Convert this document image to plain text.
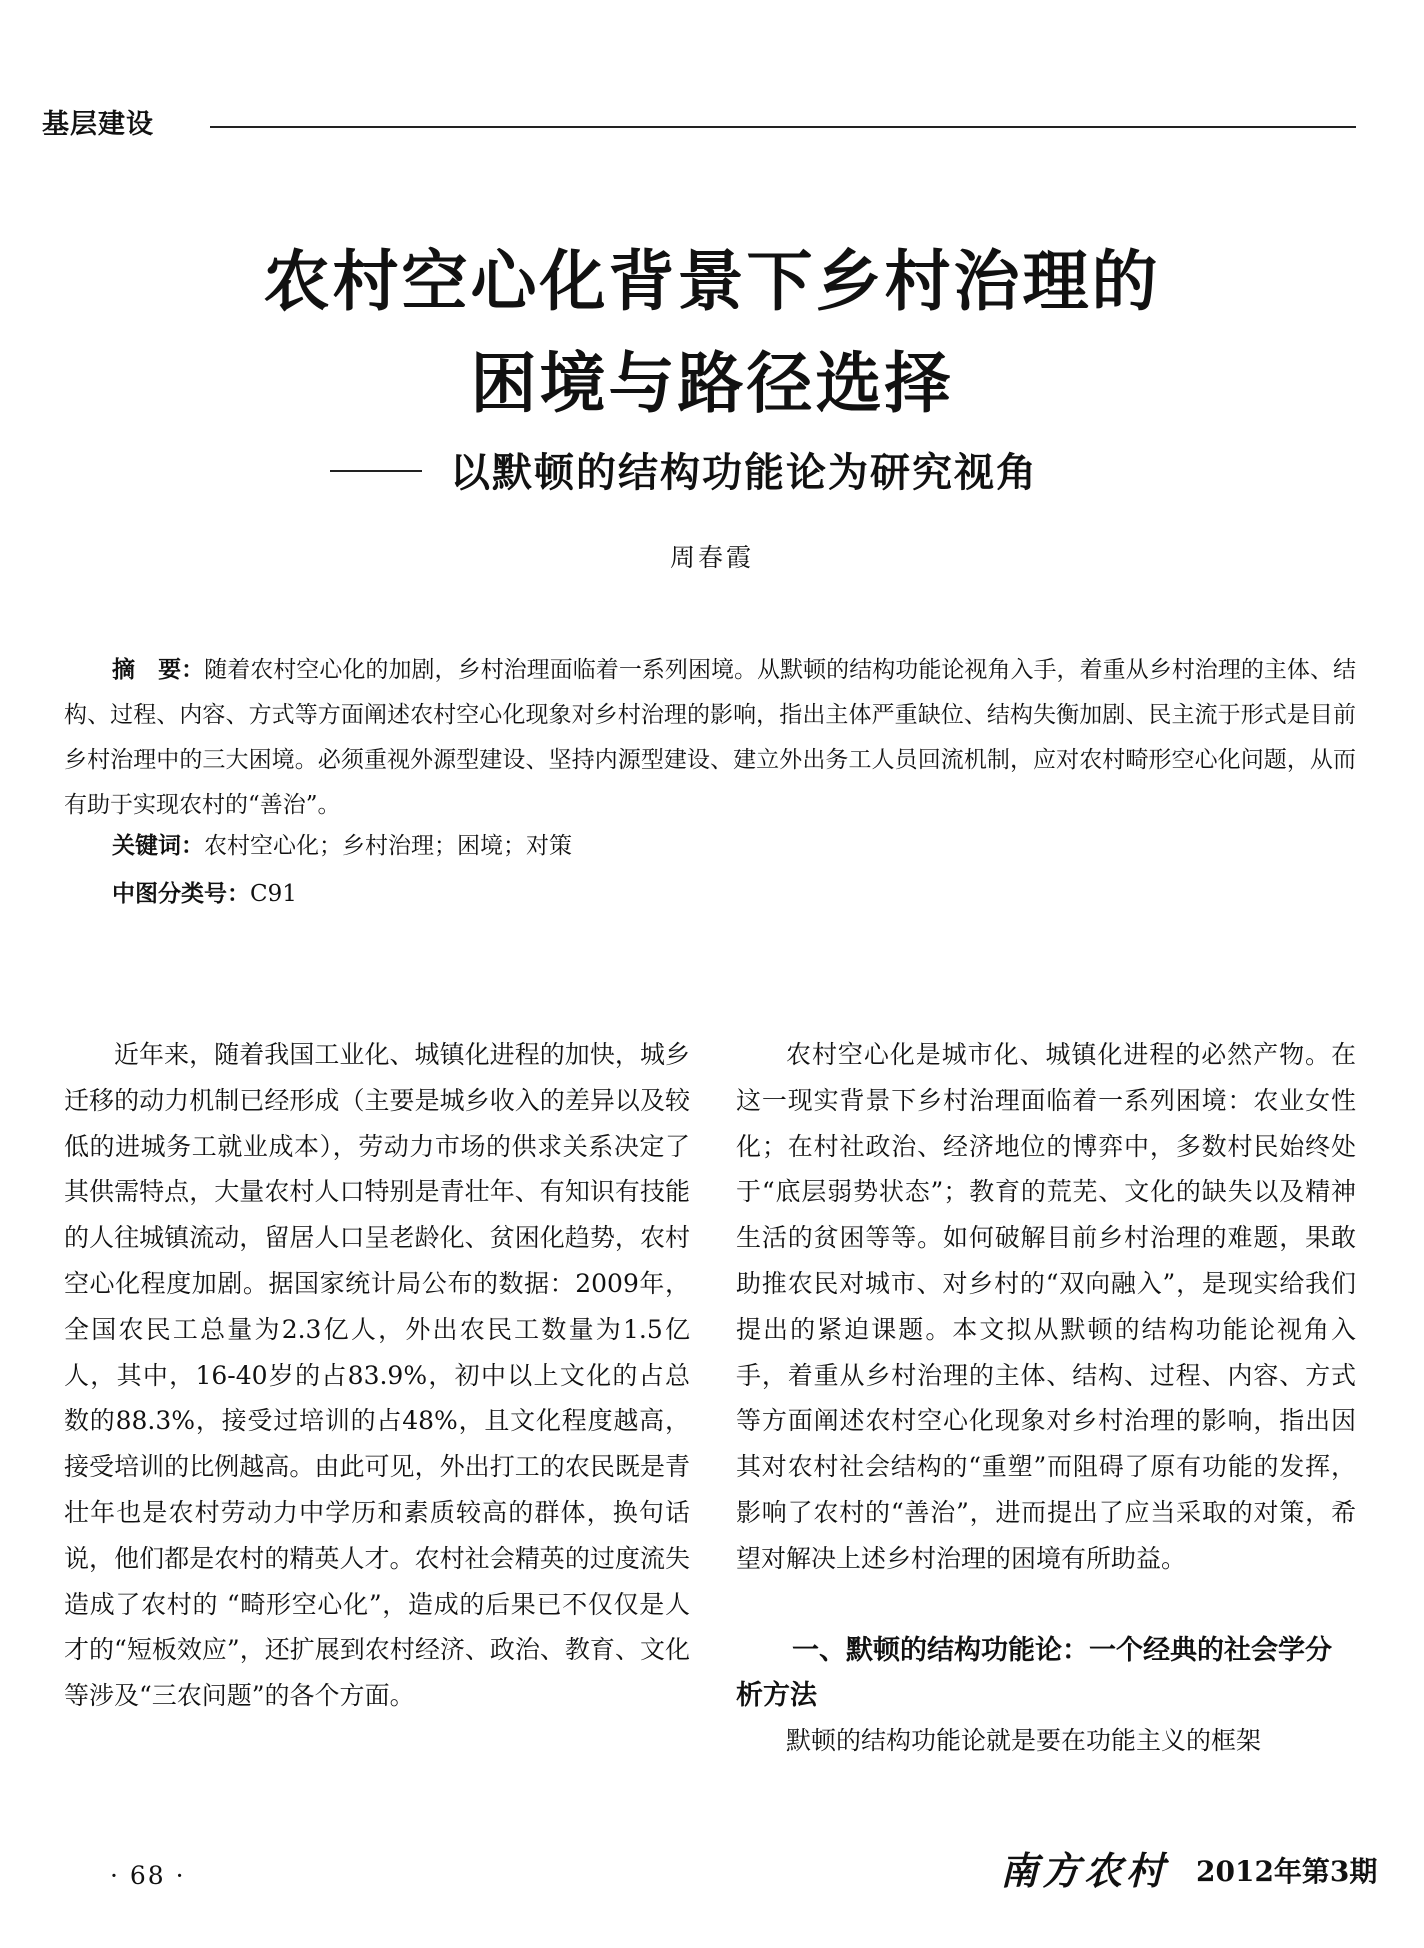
基层建设
农村空心化背景下乡村治理的
困境与路径选择
以默顿的结构功能论为研究视角
周春霞

摘　要：随着农村空心化的加剧，乡村治理面临着一系列困境。从默顿的结构功能论视角入手，着重从乡村治理的主体、结构、过程、内容、方式等方面阐述农村空心化现象对乡村治理的影响，指出主体严重缺位、结构失衡加剧、民主流于形式是目前乡村治理中的三大困境。必须重视外源型建设、坚持内源型建设、建立外出务工人员回流机制，应对农村畸形空心化问题，从而有助于实现农村的“善治”。

关键词：农村空心化；乡村治理；困境；对策
中图分类号：C91

近年来，随着我国工业化、城镇化进程的加快，城乡迁移的动力机制已经形成（主要是城乡收入的差异以及较低的进城务工就业成本），劳动力市场的供求关系决定了其供需特点，大量农村人口特别是青壮年、有知识有技能的人往城镇流动，留居人口呈老龄化、贫困化趋势，农村空心化程度加剧。据国家统计局公布的数据：2009年，全国农民工总量为2.3亿人，外出农民工数量为1.5亿人，其中，16-40岁的占83.9%，初中以上文化的占总数的88.3%，接受过培训的占48%，且文化程度越高，接受培训的比例越高。由此可见，外出打工的农民既是青壮年也是农村劳动力中学历和素质较高的群体，换句话说，他们都是农村的精英人才。农村社会精英的过度流失造成了农村的 “畸形空心化”，造成的后果已不仅仅是人才的“短板效应”，还扩展到农村经济、政治、教育、文化等涉及“三农问题”的各个方面。

农村空心化是城市化、城镇化进程的必然产物。在这一现实背景下乡村治理面临着一系列困境：农业女性化；在村社政治、经济地位的博弈中，多数村民始终处于“底层弱势状态”；教育的荒芜、文化的缺失以及精神生活的贫困等等。如何破解目前乡村治理的难题，果敢助推农民对城市、对乡村的“双向融入”，是现实给我们提出的紧迫课题。本文拟从默顿的结构功能论视角入手，着重从乡村治理的主体、结构、过程、内容、方式等方面阐述农村空心化现象对乡村治理的影响，指出因其对农村社会结构的“重塑”而阻碍了原有功能的发挥，影响了农村的“善治”，进而提出了应当采取的对策，希望对解决上述乡村治理的困境有所助益。

一、默顿的结构功能论：一个经典的社会学分析方法

默顿的结构功能论就是要在功能主义的框架

· 68 ·	南方农村 2012年第3期
